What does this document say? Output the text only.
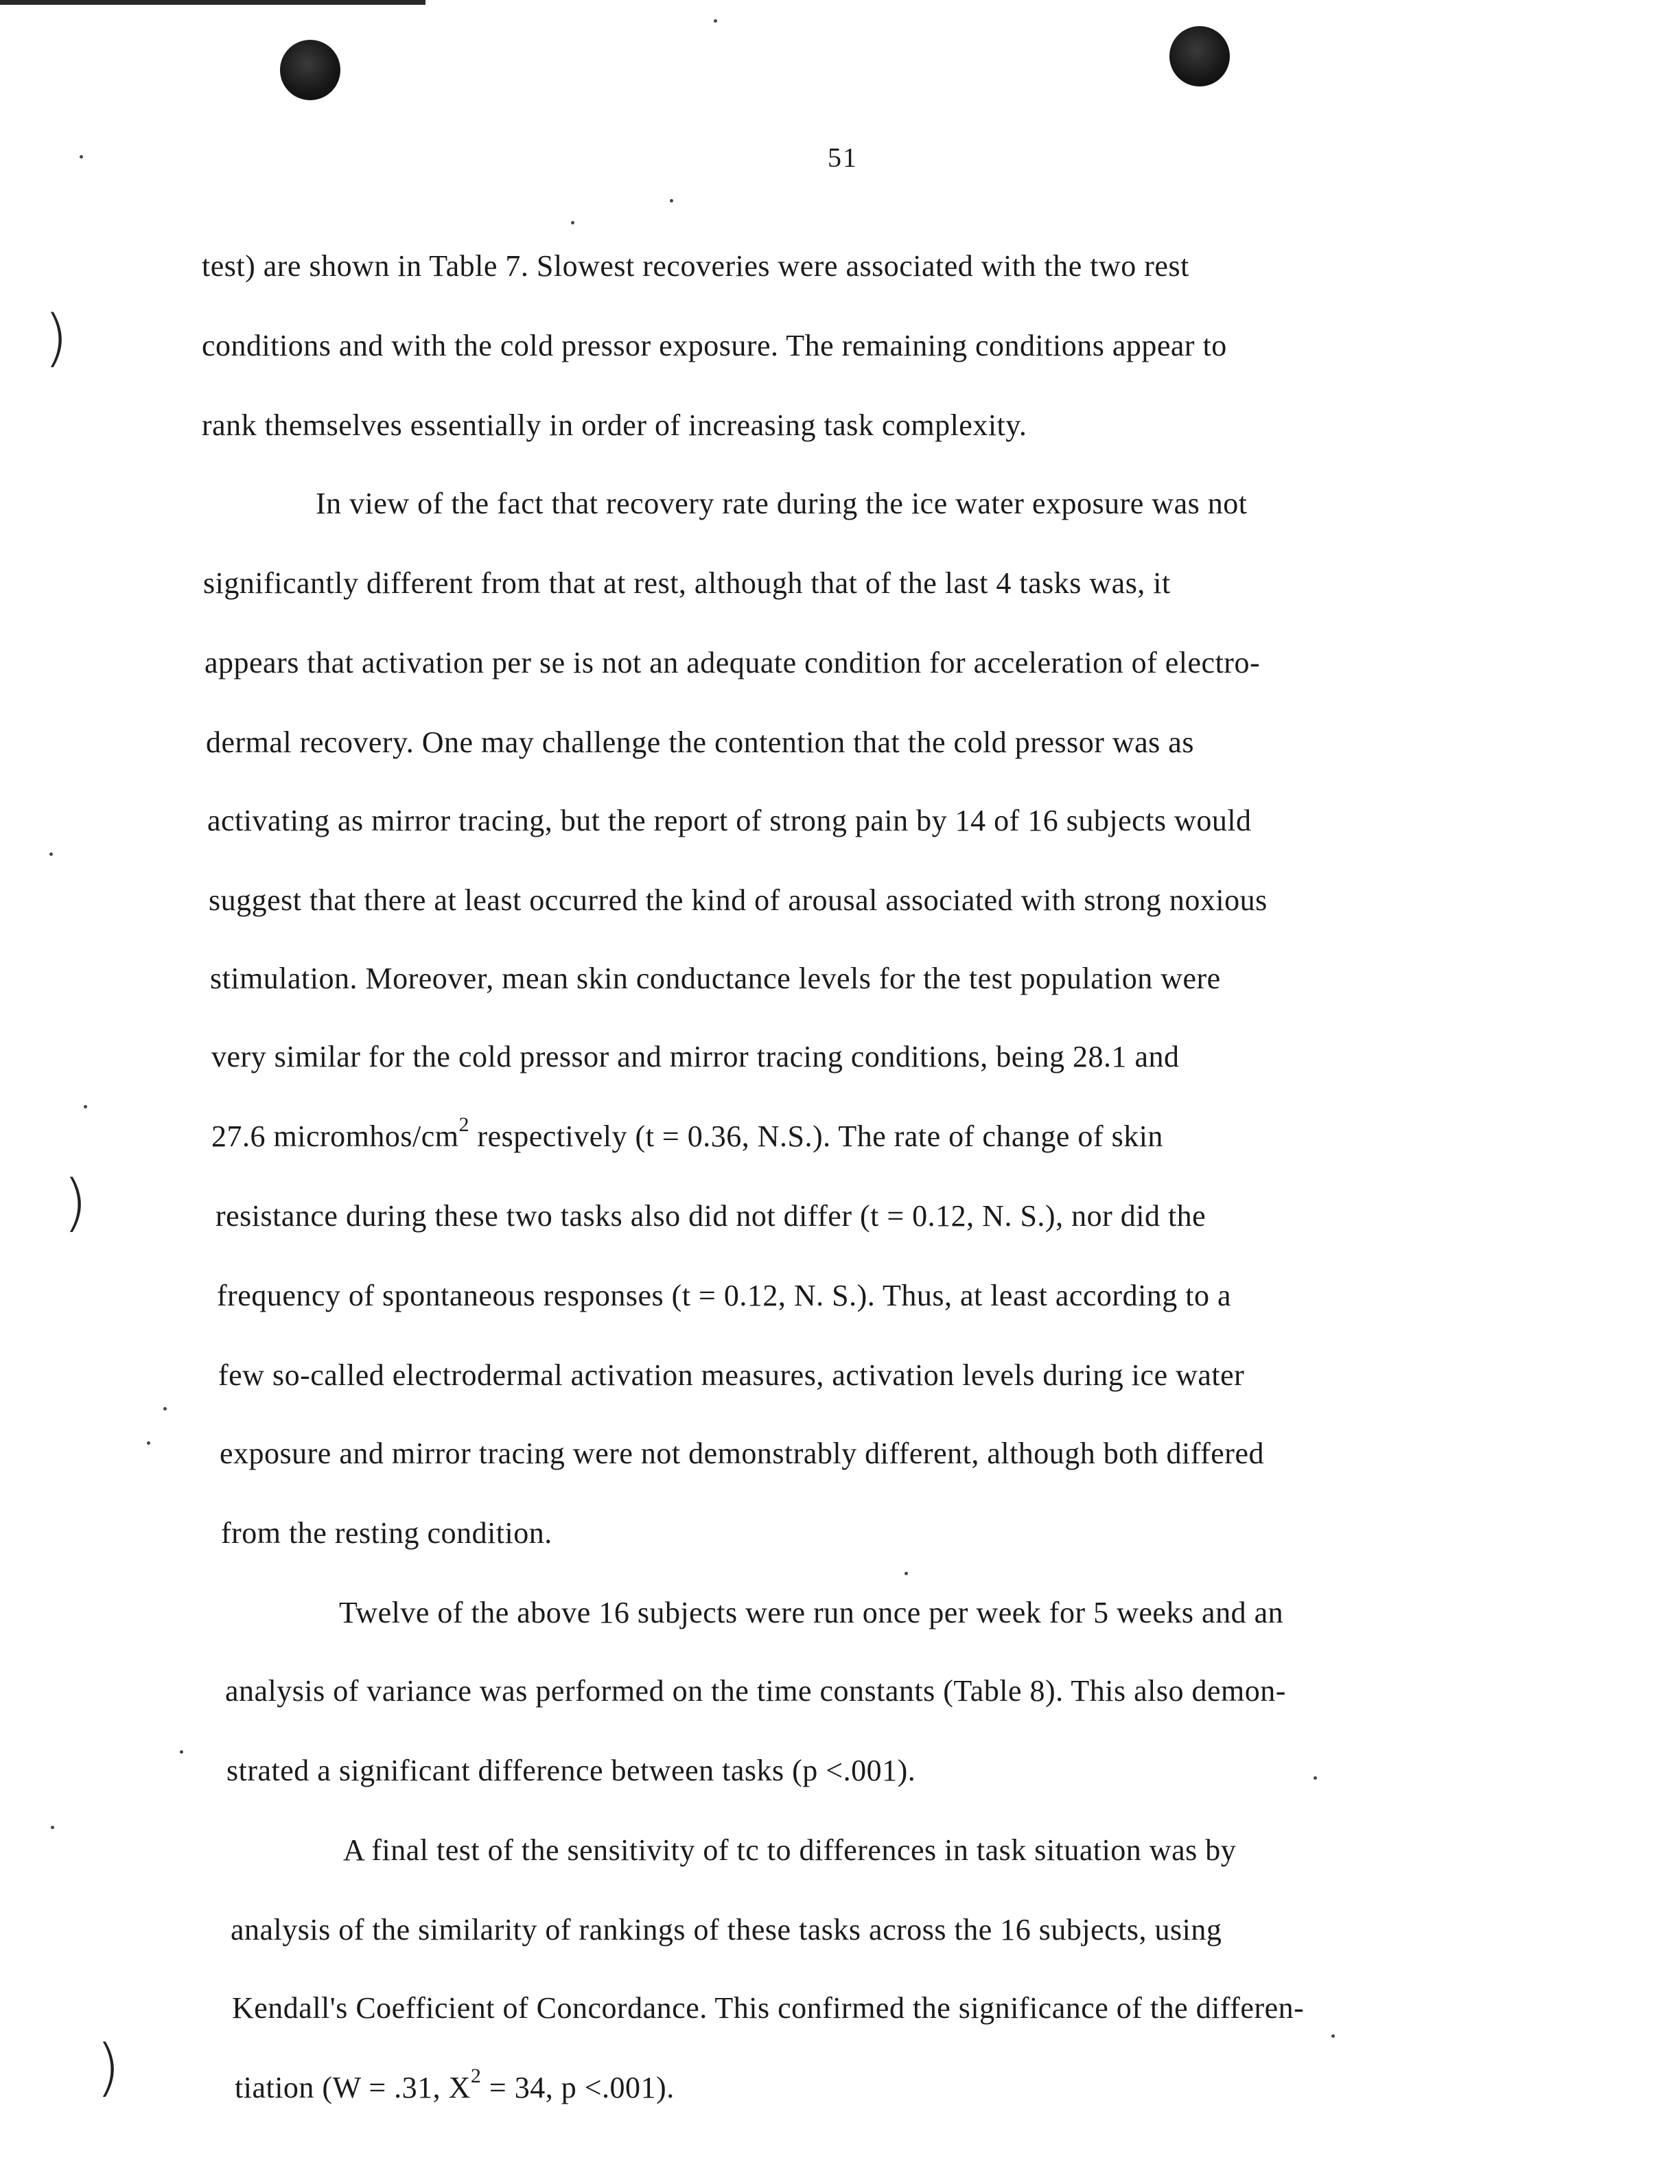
)
)
)
51
test) are shown in Table 7. Slowest recoveries were associated with the two rest
conditions and with the cold pressor exposure. The remaining conditions appear to
rank themselves essentially in order of increasing task complexity.
In view of the fact that recovery rate during the ice water exposure was not
significantly different from that at rest, although that of the last 4 tasks was, it
appears that activation per se is not an adequate condition for acceleration of electro-
dermal recovery. One may challenge the contention that the cold pressor was as
activating as mirror tracing, but the report of strong pain by 14 of 16 subjects would
suggest that there at least occurred the kind of arousal associated with strong noxious
stimulation. Moreover, mean skin conductance levels for the test population were
very similar for the cold pressor and mirror tracing conditions, being 28.1 and
27.6 micromhos/$cm^2$ respectively (t = 0.36, N.S.). The rate of change of skin
resistance during these two tasks also did not differ (t = 0.12, N. S.), nor did the
frequency of spontaneous responses (t = 0.12, N. S.). Thus, at least according to a
few so-called electrodermal activation measures, activation levels during ice water
exposure and mirror tracing were not demonstrably different, although both differed
from the resting condition.
Twelve of the above 16 subjects were run once per week for 5 weeks and an
analysis of variance was performed on the time constants (Table 8). This also demon-
strated a significant difference between tasks (p <.001).
A final test of the sensitivity of tc to differences in task situation was by
analysis of the similarity of rankings of these tasks across the 16 subjects, using
Kendall's Coefficient of Concordance. This confirmed the significance of the differen-
tiation (W = .31, $X^2 = 34$, p <.001).
